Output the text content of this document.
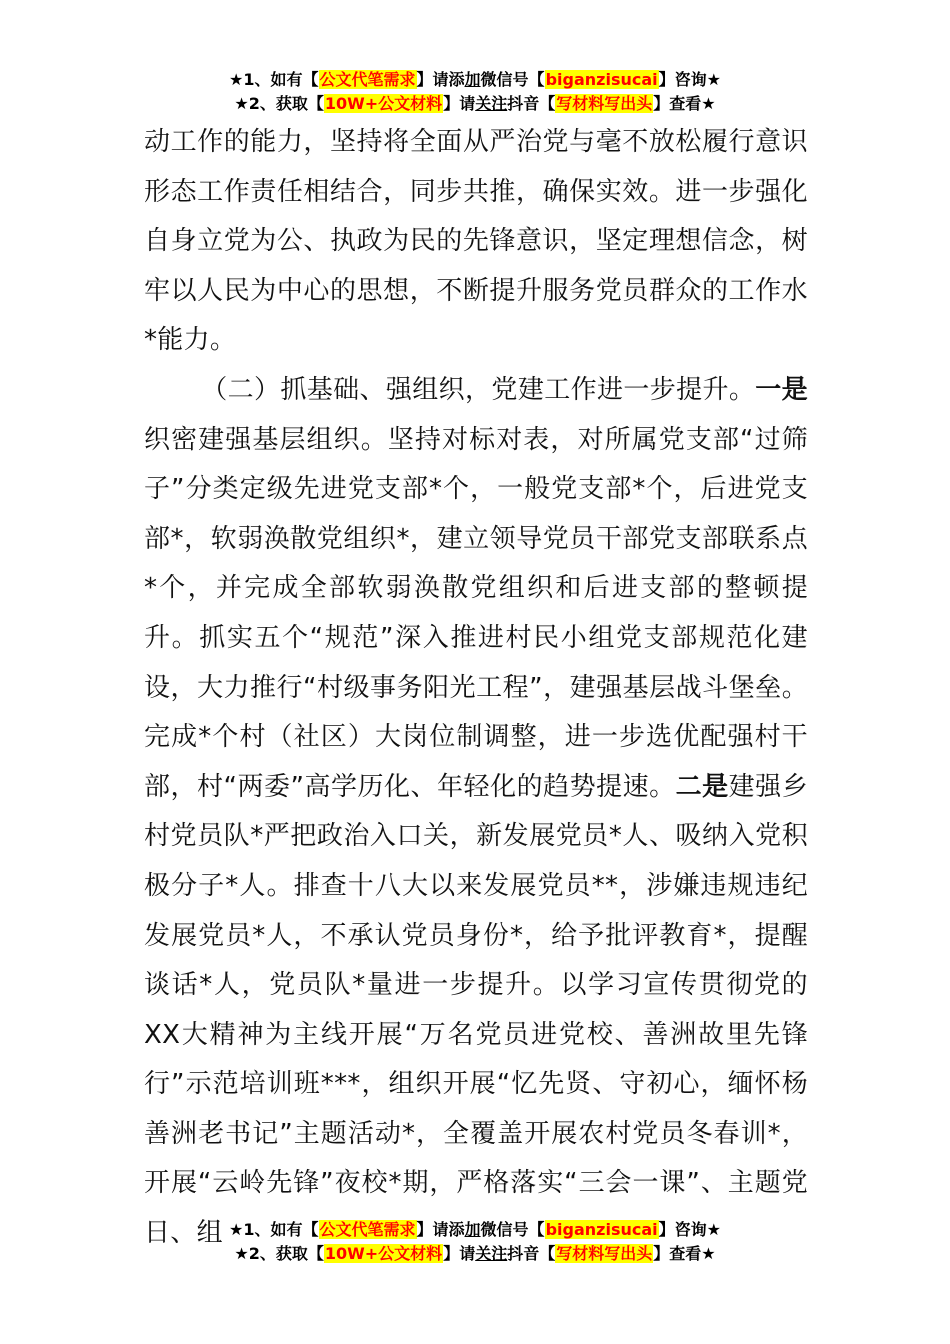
★1、如有【公文代笔需求】请添加微信号【biganzisucai】咨询★
★2、获取【10W+公文材料】请关注抖音【写材料写出头】查看★

动工作的能力，坚持将全面从严治党与毫不放松履行意识形态工作责任相结合，同步共推，确保实效。进一步强化自身立党为公、执政为民的先锋意识，坚定理想信念，树牢以人民为中心的思想，不断提升服务党员群众的工作水*能力。

（二）抓基础、强组织，党建工作进一步提升。一是织密建强基层组织。坚持对标对表，对所属党支部“过筛子”分类定级先进党支部*个，一般党支部*个，后进党支部*，软弱涣散党组织*，建立领导党员干部党支部联系点*个，并完成全部软弱涣散党组织和后进支部的整顿提升。抓实五个“规范”深入推进村民小组党支部规范化建设，大力推行“村级事务阳光工程”，建强基层战斗堡垒。完成*个村（社区）大岗位制调整，进一步选优配强村干部，村“两委”高学历化、年轻化的趋势提速。二是建强乡村党员队*严把政治入口关，新发展党员*人、吸纳入党积极分子*人。排查十八大以来发展党员**，涉嫌违规违纪发展党员*人，不承认党员身份*，给予批评教育*，提醒谈话*人，党员队*量进一步提升。以学习宣传贯彻党的XX大精神为主线开展“万名党员进党校、善洲故里先锋行”示范培训班***，组织开展“忆先贤、守初心，缅怀杨善洲老书记”主题活动*，全覆盖开展农村党员冬春训*，开展“云岭先锋”夜校*期，严格落实“三会一课”、主题党日、组 ★1、如有【公文代笔需求】请添加微信号【biganzisucai】咨询★
★2、获取【10W+公文材料】请关注抖音【写材料写出头】查看★
